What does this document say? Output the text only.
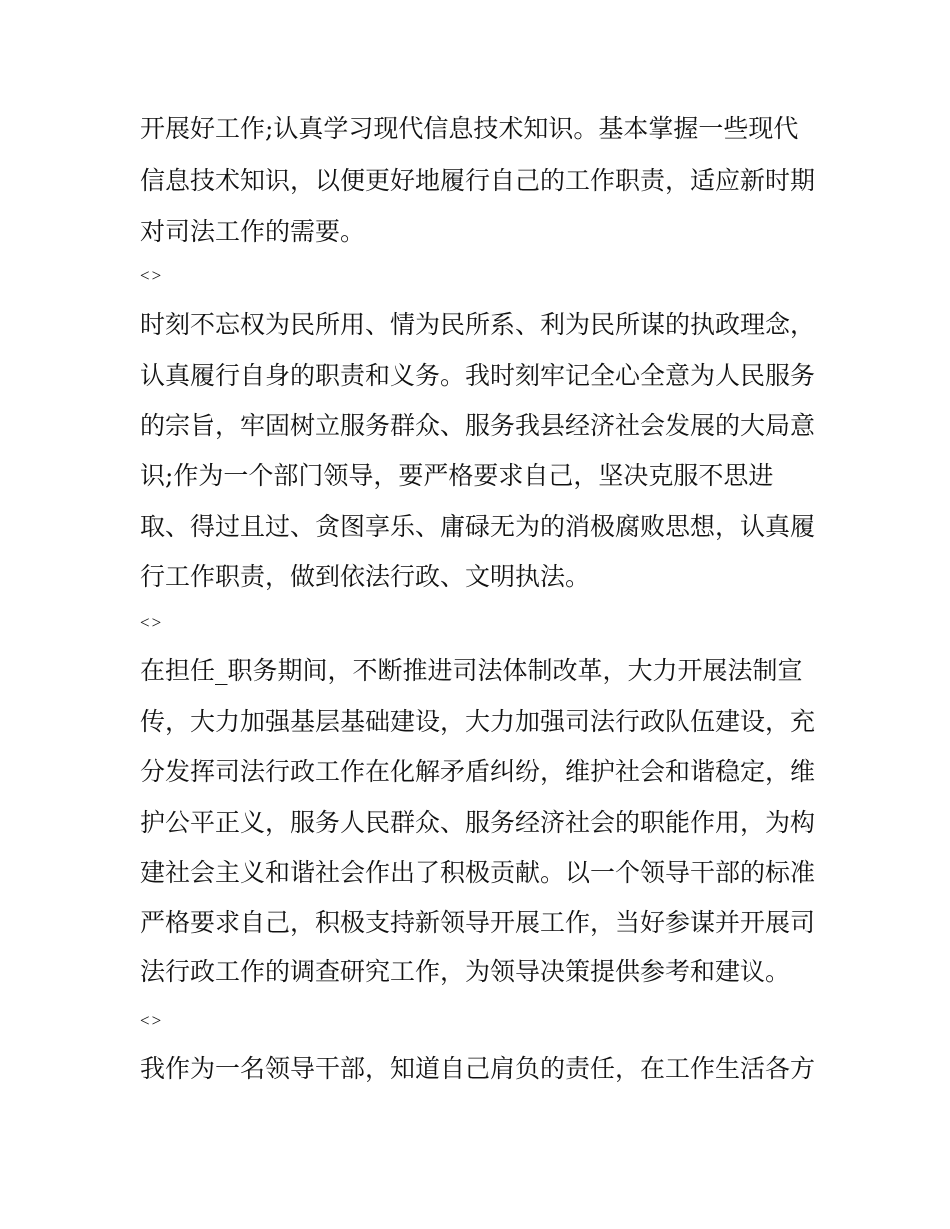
开展好工作;认真学习现代信息技术知识。基本掌握一些现代

信息技术知识，以便更好地履行自己的工作职责，适应新时期

对司法工作的需要。

<>

时刻不忘权为民所用、情为民所系、利为民所谋的执政理念，

认真履行自身的职责和义务。我时刻牢记全心全意为人民服务

的宗旨，牢固树立服务群众、服务我县经济社会发展的大局意

识;作为一个部门领导，要严格要求自己，坚决克服不思进

取、得过且过、贪图享乐、庸碌无为的消极腐败思想，认真履

行工作职责，做到依法行政、文明执法。

<>

在担任_职务期间，不断推进司法体制改革，大力开展法制宣

传，大力加强基层基础建设，大力加强司法行政队伍建设，充

分发挥司法行政工作在化解矛盾纠纷，维护社会和谐稳定，维

护公平正义，服务人民群众、服务经济社会的职能作用，为构

建社会主义和谐社会作出了积极贡献。以一个领导干部的标准

严格要求自己，积极支持新领导开展工作，当好参谋并开展司

法行政工作的调查研究工作，为领导决策提供参考和建议。

<>

我作为一名领导干部，知道自己肩负的责任，在工作生活各方
